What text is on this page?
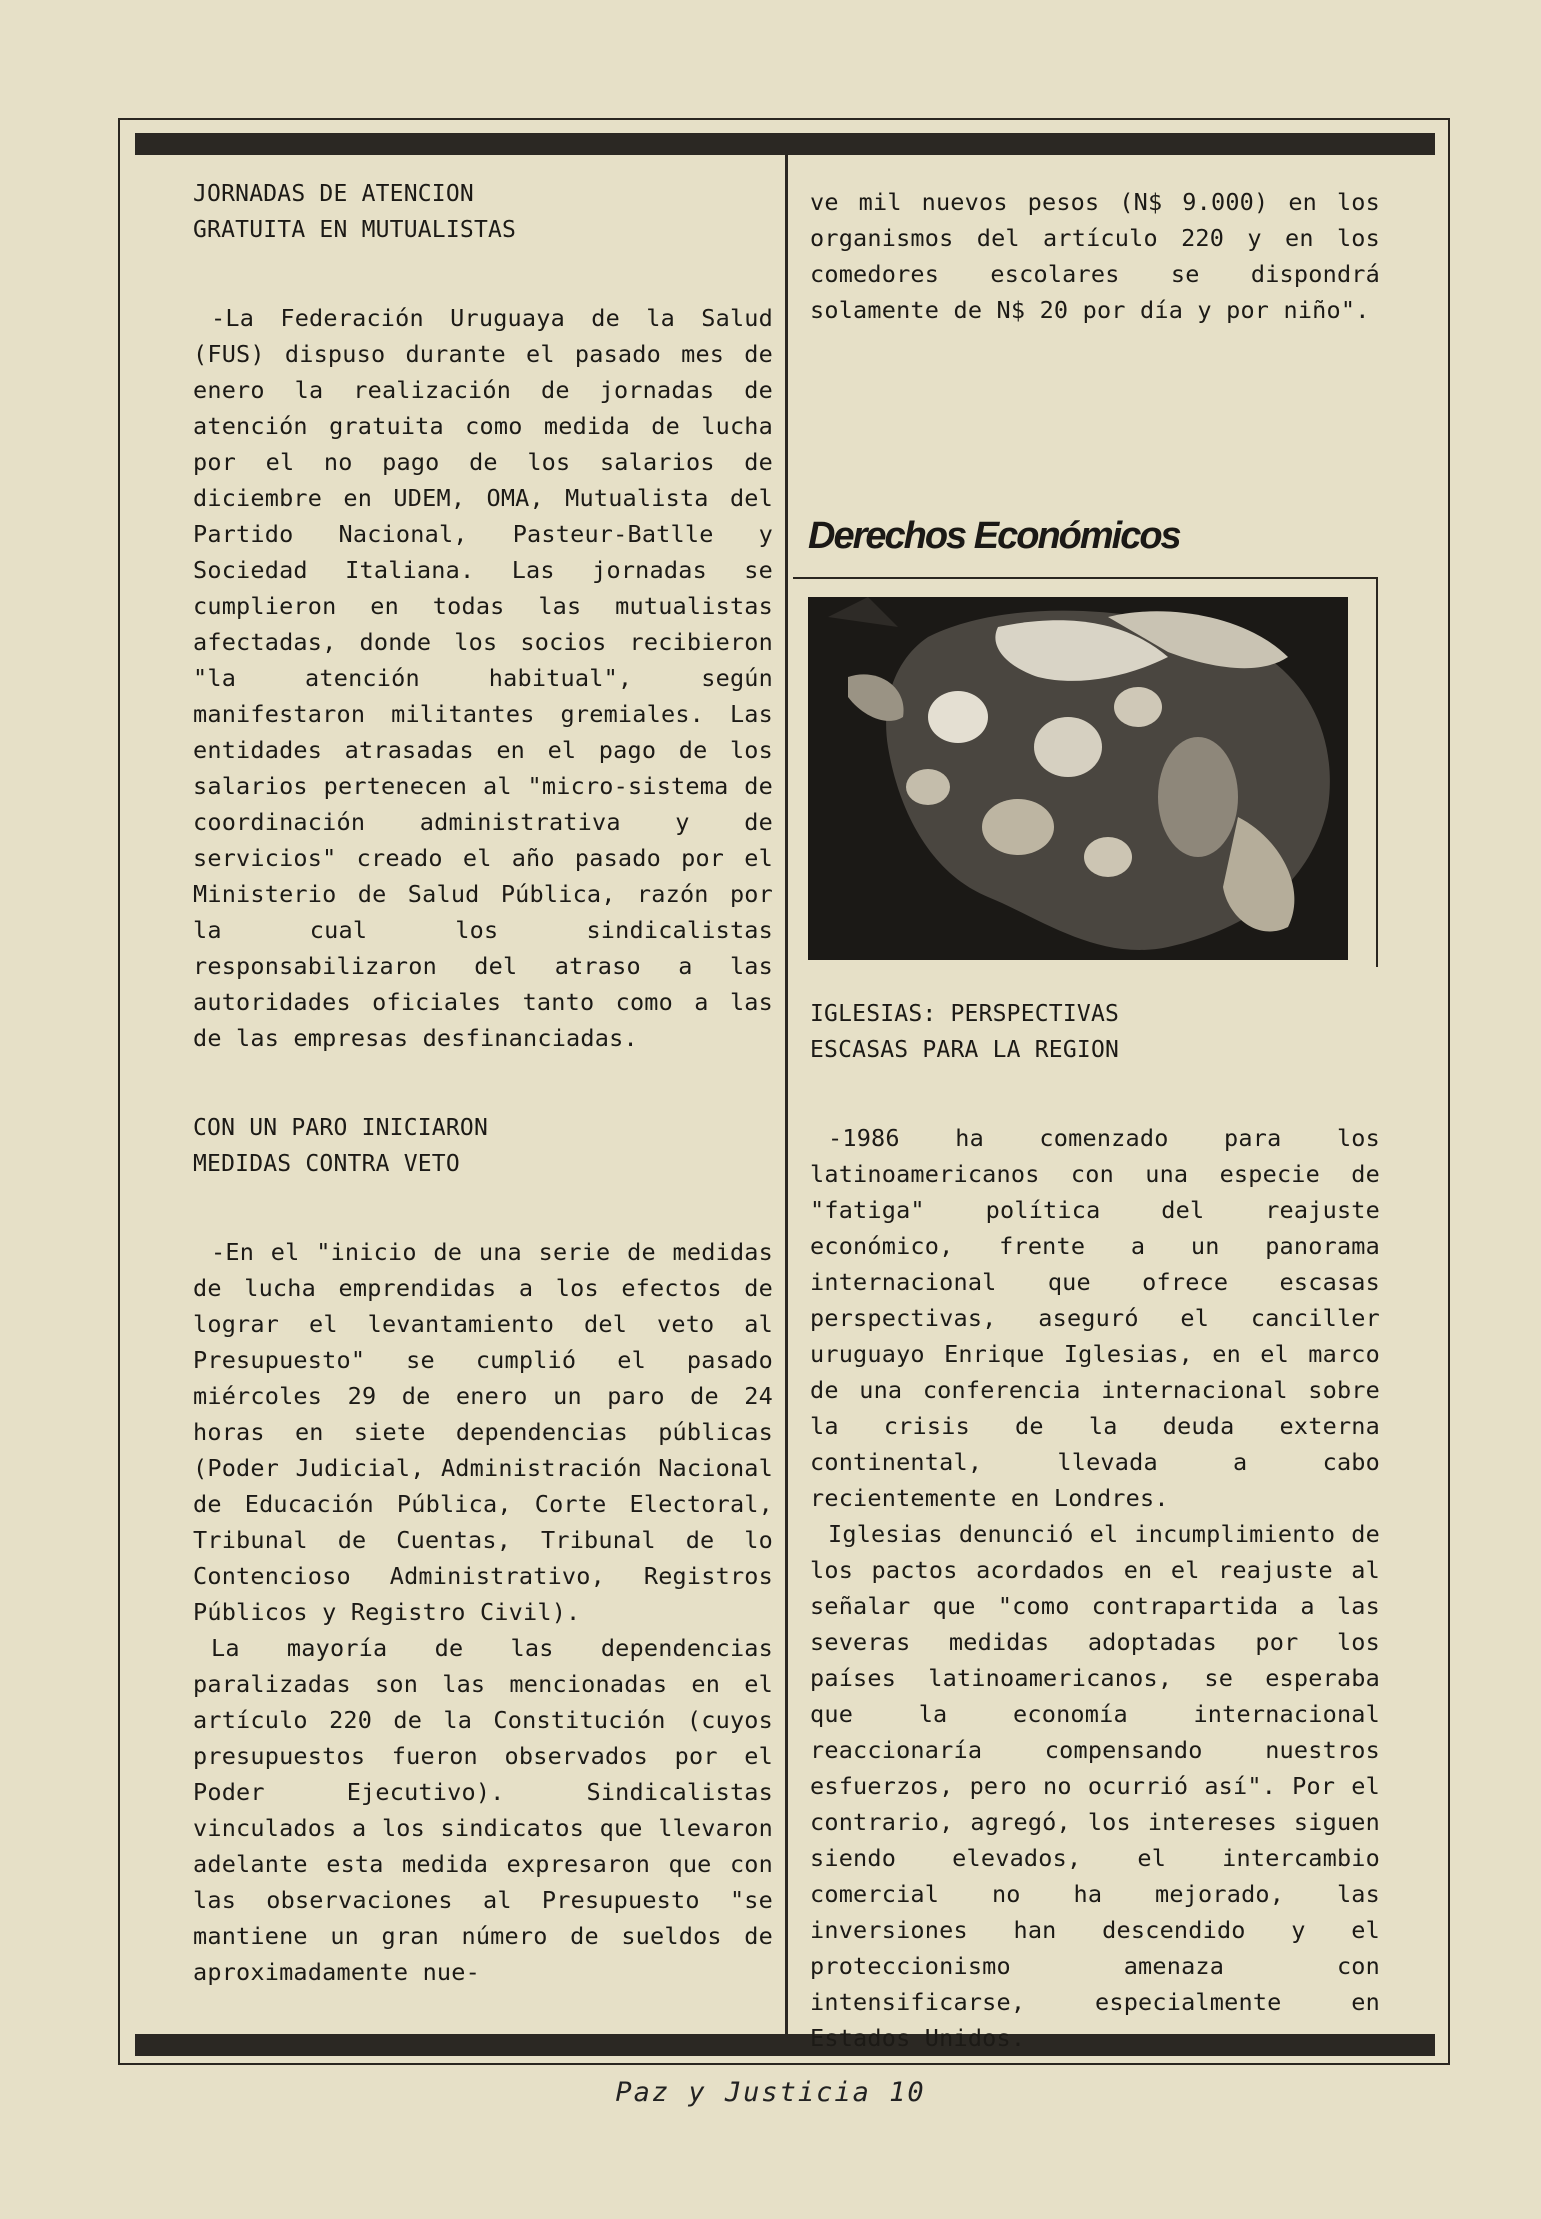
JORNADAS DE ATENCION

GRATUITA EN MUTUALISTAS

-La Federación Uruguaya de la Salud (FUS) dispuso durante el pasado mes de enero la realización de jornadas de atención gratuita como medida de lucha por el no pago de los salarios de diciembre en UDEM, OMA, Mutualista del Partido Nacional, Pasteur-Batlle y Sociedad Italiana. Las jornadas se cumplieron en todas las mutualistas afectadas, donde los socios recibieron "la atención habitual", según manifestaron militantes gremiales. Las entidades atrasadas en el pago de los salarios pertenecen al "micro-sistema de coordinación administrativa y de servicios" creado el año pasado por el Ministerio de Salud Pública, razón por la cual los sindicalistas responsabilizaron del atraso a las autoridades oficiales tanto como a las de las empresas desfinanciadas.

CON UN PARO INICIARON

MEDIDAS CONTRA VETO

-En el "inicio de una serie de medidas de lucha emprendidas a los efectos de lograr el levantamiento del veto al Presupuesto" se cumplió el pasado miércoles 29 de enero un paro de 24 horas en siete dependencias públicas (Poder Judicial, Administración Nacional de Educación Pública, Corte Electoral, Tribunal de Cuentas, Tribunal de lo Contencioso Administrativo, Registros Públicos y Registro Civil).

La mayoría de las dependencias paralizadas son las mencionadas en el artículo 220 de la Constitución (cuyos presupuestos fueron observados por el Poder Ejecutivo). Sindicalistas vinculados a los sindicatos que llevaron adelante esta medida expresaron que con las observaciones al Presupuesto "se mantiene un gran número de sueldos de aproximadamente nue-

ve mil nuevos pesos (N$ 9.000) en los organismos del artículo 220 y en los comedores escolares se dispondrá solamente de N$ 20 por día y por niño".

Derechos Económicos

IGLESIAS: PERSPECTIVAS

ESCASAS PARA LA REGION

-1986 ha comenzado para los latinoamericanos con una especie de "fatiga" política del reajuste económico, frente a un panorama internacional que ofrece escasas perspectivas, aseguró el canciller uruguayo Enrique Iglesias, en el marco de una conferencia internacional sobre la crisis de la deuda externa continental, llevada a cabo recientemente en Londres.

Iglesias denunció el incumplimiento de los pactos acordados en el reajuste al señalar que "como contrapartida a las severas medidas adoptadas por los países latinoamericanos, se esperaba que la economía internacional reaccionaría compensando nuestros esfuerzos, pero no ocurrió así". Por el contrario, agregó, los intereses siguen siendo elevados, el intercambio comercial no ha mejorado, las inversiones han descendido y el proteccionismo amenaza con intensificarse, especialmente en Estados Unidos.

Paz y Justicia 10
